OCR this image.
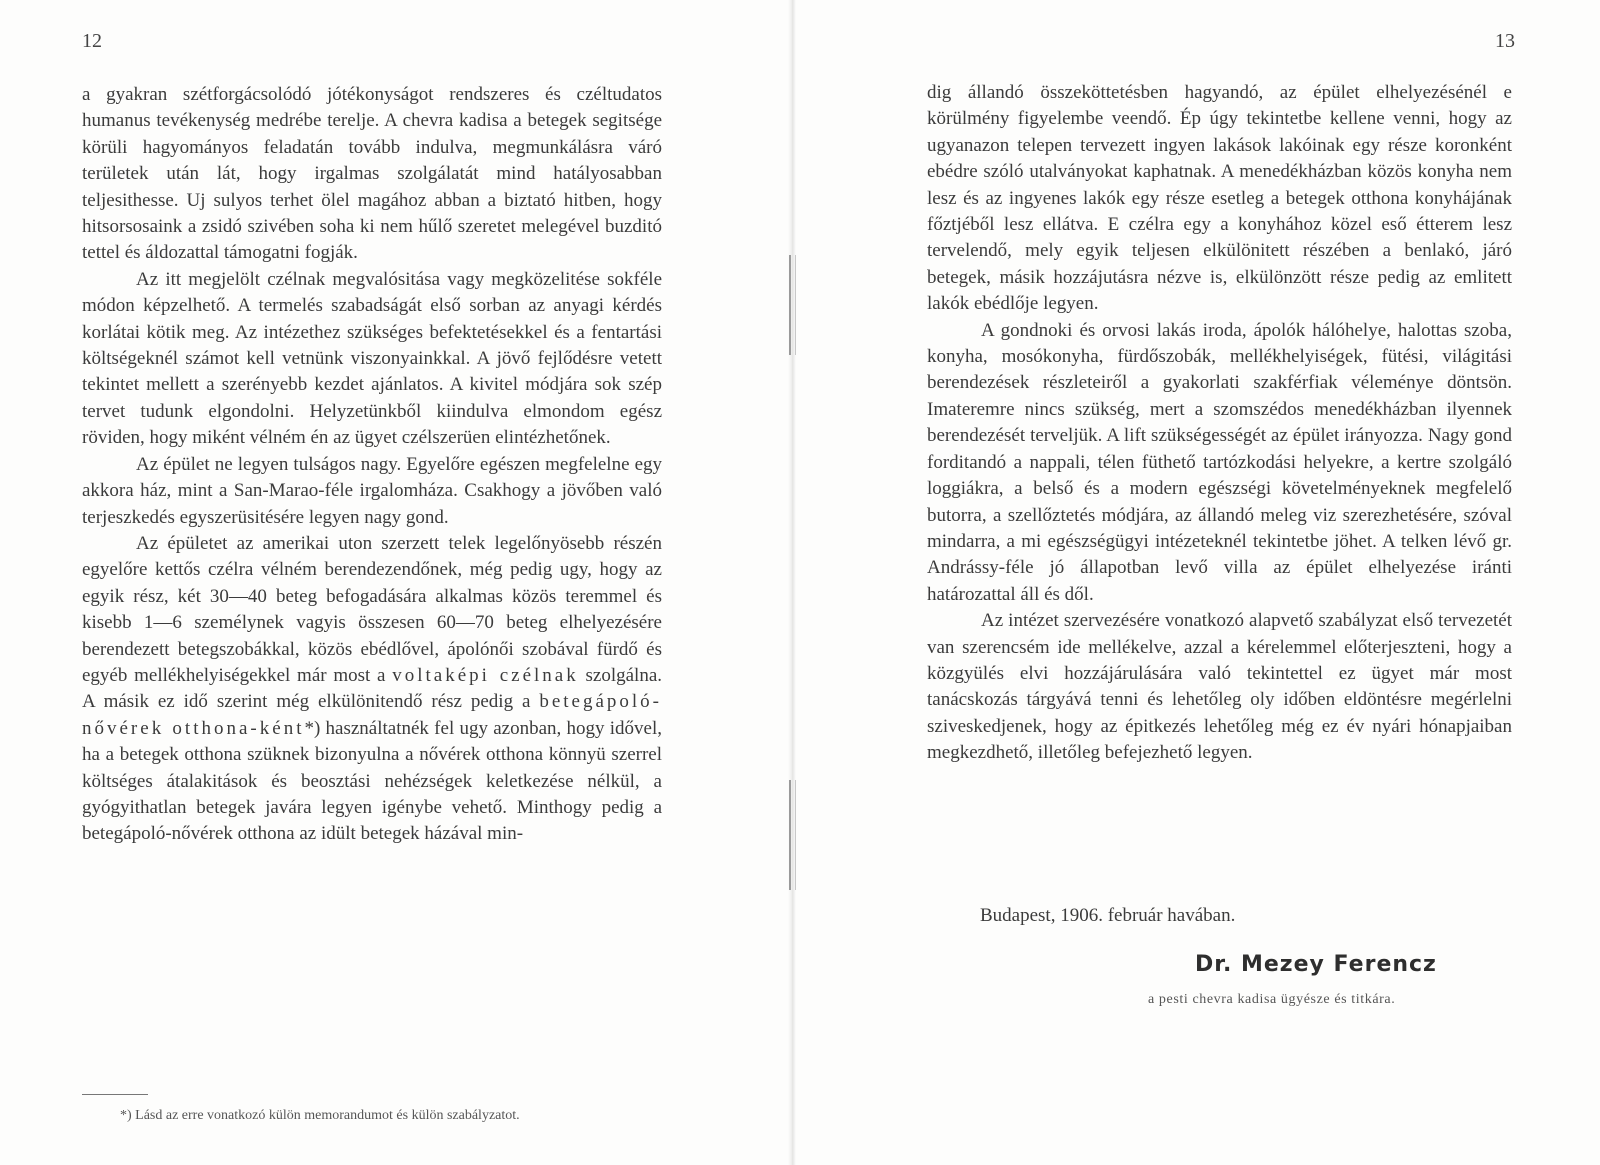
12

a gyakran szétforgácsolódó jótékonyságot rendszeres és czéltudatos humanus tevékenység medrébe terelje. A chevra kadisa a betegek segitsége körüli hagyományos feladatán tovább indulva, megmunkálásra váró területek után lát, hogy irgalmas szolgálatát mind hatályosabban teljesithesse. Uj sulyos terhet ölel magához abban a biztató hitben, hogy hitsorsosaink a zsidó szivében soha ki nem hűlő szeretet melegével buzditó tettel és áldozattal támogatni fogják.

Az itt megjelölt czélnak megvalósitása vagy megközelitése sokféle módon képzelhető. A termelés szabadságát első sorban az anyagi kérdés korlátai kötik meg. Az intézethez szükséges befektetésekkel és a fentartási költségeknél számot kell vetnünk viszonyainkkal. A jövő fejlődésre vetett tekintet mellett a szerényebb kezdet ajánlatos. A kivitel módjára sok szép tervet tudunk elgondolni. Helyzetünkből kiindulva elmondom egész röviden, hogy miként vélném én az ügyet czélszerüen elintézhetőnek.

Az épület ne legyen tulságos nagy. Egyelőre egészen megfelelne egy akkora ház, mint a San-Marao-féle irgalomháza. Csakhogy a jövőben való terjeszkedés egyszerüsitésére legyen nagy gond.

Az épületet az amerikai uton szerzett telek legelőnyösebb részén egyelőre kettős czélra vélném berendezendőnek, még pedig ugy, hogy az egyik rész, két 30—40 beteg befogadására alkalmas közös teremmel és kisebb 1—6 személynek vagyis összesen 60—70 beteg elhelyezésére berendezett betegszobákkal, közös ebédlővel, ápolónői szobával fürdő és egyéb mellékhelyiségekkel már most a voltaképi czélnak szolgálna. A másik ez idő szerint még elkülönitendő rész pedig a betegápoló-nővérek otthona-ként*) használtatnék fel ugy azonban, hogy idővel, ha a betegek otthona szüknek bizonyulna a nővérek otthona könnyü szerrel költséges átalakitások és beosztási nehézségek keletkezése nélkül, a gyógyithatlan betegek javára legyen igénybe vehető. Minthogy pedig a betegápoló-nővérek otthona az idült betegek házával min-

*) Lásd az erre vonatkozó külön memorandumot és külön szabályzatot.
13

dig állandó összeköttetésben hagyandó, az épület elhelyezésénél e körülmény figyelembe veendő. Ép úgy tekintetbe kellene venni, hogy az ugyanazon telepen tervezett ingyen lakások lakóinak egy része koronként ebédre szóló utalványokat kaphatnak. A menedékházban közös konyha nem lesz és az ingyenes lakók egy része esetleg a betegek otthona konyhájának főztjéből lesz ellátva. E czélra egy a konyhához közel eső étterem lesz tervelendő, mely egyik teljesen elkülönitett részében a benlakó, járó betegek, másik hozzájutásra nézve is, elkülönzött része pedig az emlitett lakók ebédlője legyen.

A gondnoki és orvosi lakás iroda, ápolók hálóhelye, halottas szoba, konyha, mosókonyha, fürdőszobák, mellékhelyiségek, fütési, világitási berendezések részleteiről a gyakorlati szakférfiak véleménye döntsön. Imateremre nincs szükség, mert a szomszédos menedékházban ilyennek berendezését terveljük. A lift szükségességét az épület irányozza. Nagy gond forditandó a nappali, télen füthető tartózkodási helyekre, a kertre szolgáló loggiákra, a belső és a modern egészségi követelményeknek megfelelő butorra, a szellőztetés módjára, az állandó meleg viz szerezhetésére, szóval mindarra, a mi egészségügyi intézeteknél tekintetbe jöhet. A telken lévő gr. Andrássy-féle jó állapotban levő villa az épület elhelyezése iránti határozattal áll és dől.

Az intézet szervezésére vonatkozó alapvető szabályzat első tervezetét van szerencsém ide mellékelve, azzal a kérelemmel előterjeszteni, hogy a közgyülés elvi hozzájárulására való tekintettel ez ügyet már most tanácskozás tárgyává tenni és lehetőleg oly időben eldöntésre megérlelni sziveskedjenek, hogy az épitkezés lehetőleg még ez év nyári hónapjaiban megkezdhető, illetőleg befejezhető legyen.

Budapest, 1906. február havában.
Dr. Mezey Ferencz
a pesti chevra kadisa ügyésze és titkára.
